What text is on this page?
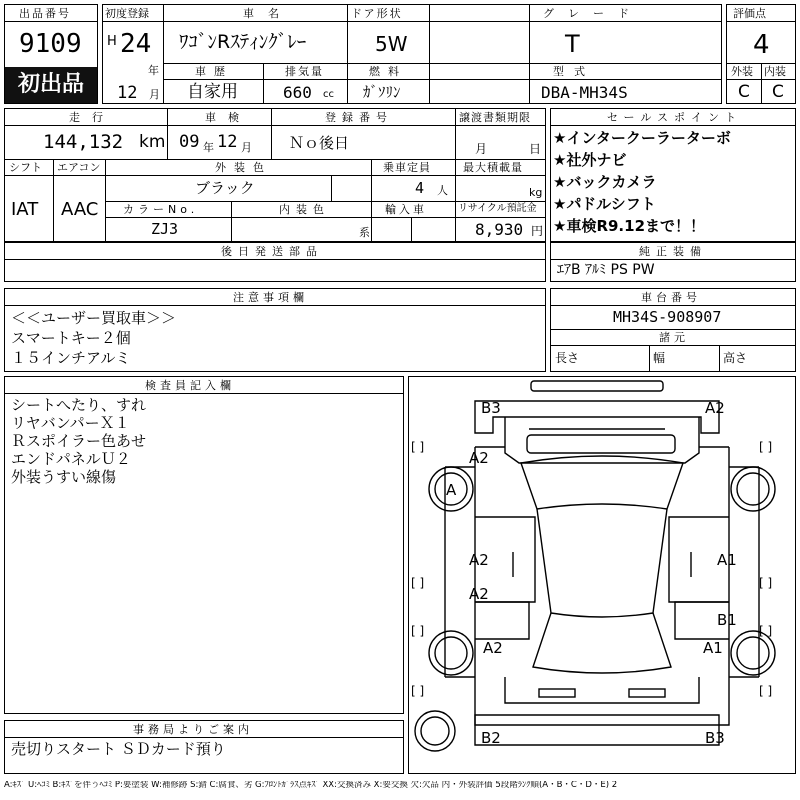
出品番号
9109
初出品
初度登録
H 24
年
12 月
車名
ﾜｺﾞﾝRｽﾃｨﾝｸﾞﾚｰ
ドア形状
5W
グレード
T
車歴
自家用
排気量
660 cc
燃料
ｶﾞｿﾘﾝ
型式
DBA-MH34S
評価点
4
外装 内装
C C
走行
144,132 km
車検
09 年 12 月
登録番号
Ｎｏ後日
譲渡書類期限
月	日
シフト
IAT
エアコン
AAC
外装色
ブラック
乗車定員
4 人
最大積載量
kg
カラーNo.
ZJ3
内装色
系
輸入車	リサイクル預託金
8,930 円
セールスポイント
★インタークーラーターボ
★社外ナビ
★バックカメラ
★パドルシフト
★車検R9.12まで！！
後日発送部品	純正装備
ｴｱB ｱﾙﾐ PS PW
注意事項欄
＜＜ユーザー買取車＞＞
スマートキー２個
１５インチアルミ
車台番号
MH34S-908907
諸元
長さ	幅	高さ
検査員記入欄
シートへたり、すれ
リヤバンパーＸ１
Ｒスポイラー色あせ
エンドパネルＵ２
外装うすい線傷
事務局よりご案内
売切りスタート ＳＤカード預り
B3	A2
A2
A
A2	A1
A2
B1
A2	A1
B2	B3
[ ]	[ ]
[ ]	[ ]
[ ]	[ ]
[ ]	[ ]
A:ｷｽﾞ U:ﾍｺﾐ B:ｷｽﾞを伴うﾍｺﾐ P:要塗装 W:補修跡 S:錆 C:腐食、劣 G:ﾌﾛﾝﾄｶﾞﾗｽ点ｷｽﾞ XX:交換済み X:要交換 欠:欠品 内・外装評価 5段階ﾗﾝｸ順(A・B・C・D・E) 2
